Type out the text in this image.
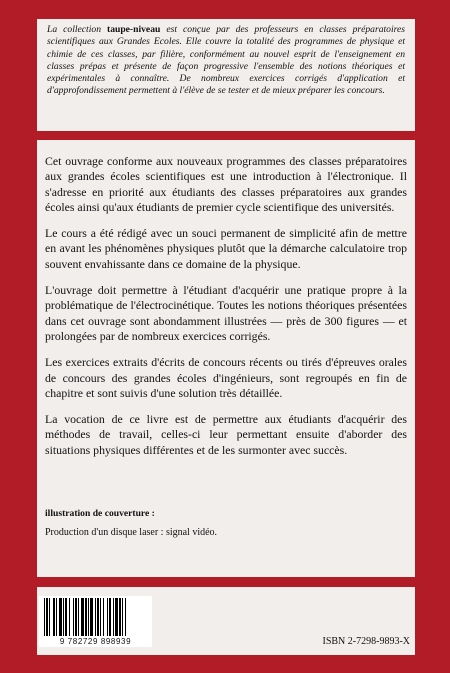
La collection taupe-niveau est conçue par des professeurs en classes préparatoires scientifiques aux Grandes Ecoles. Elle couvre la totalité des programmes de physique et chimie de ces classes, par filière, conformément au nouvel esprit de l'enseignement en classes prépas et présente de façon progressive l'ensemble des notions théoriques et expérimentales à connaître. De nombreux exercices corrigés d'application et d'approfondissement permettent à l'élève de se tester et de mieux préparer les concours.

Cet ouvrage conforme aux nouveaux programmes des classes préparatoires aux grandes écoles scientifiques est une introduction à l'électronique. Il s'adresse en priorité aux étudiants des classes préparatoires aux grandes écoles ainsi qu'aux étudiants de premier cycle scientifique des universités.

Le cours a été rédigé avec un souci permanent de simplicité afin de mettre en avant les phénomènes physiques plutôt que la démarche calculatoire trop souvent envahissante dans ce domaine de la physique.

L'ouvrage doit permettre à l'étudiant d'acquérir une pratique propre à la problématique de l'électrocinétique. Toutes les notions théoriques présentées dans cet ouvrage sont abondamment illustrées — près de 300 figures — et prolongées par de nombreux exercices corrigés.

Les exercices extraits d'écrits de concours récents ou tirés d'épreuves orales de concours des grandes écoles d'ingénieurs, sont regroupés en fin de chapitre et sont suivis d'une solution très détaillée.

La vocation de ce livre est de permettre aux étudiants d'acquérir des méthodes de travail, celles-ci leur permettant ensuite d'aborder des situations physiques différentes et de les surmonter avec succès.

illustration de couverture :

Production d'un disque laser : signal vidéo.

9 782729 898939	ISBN 2-7298-9893-X
